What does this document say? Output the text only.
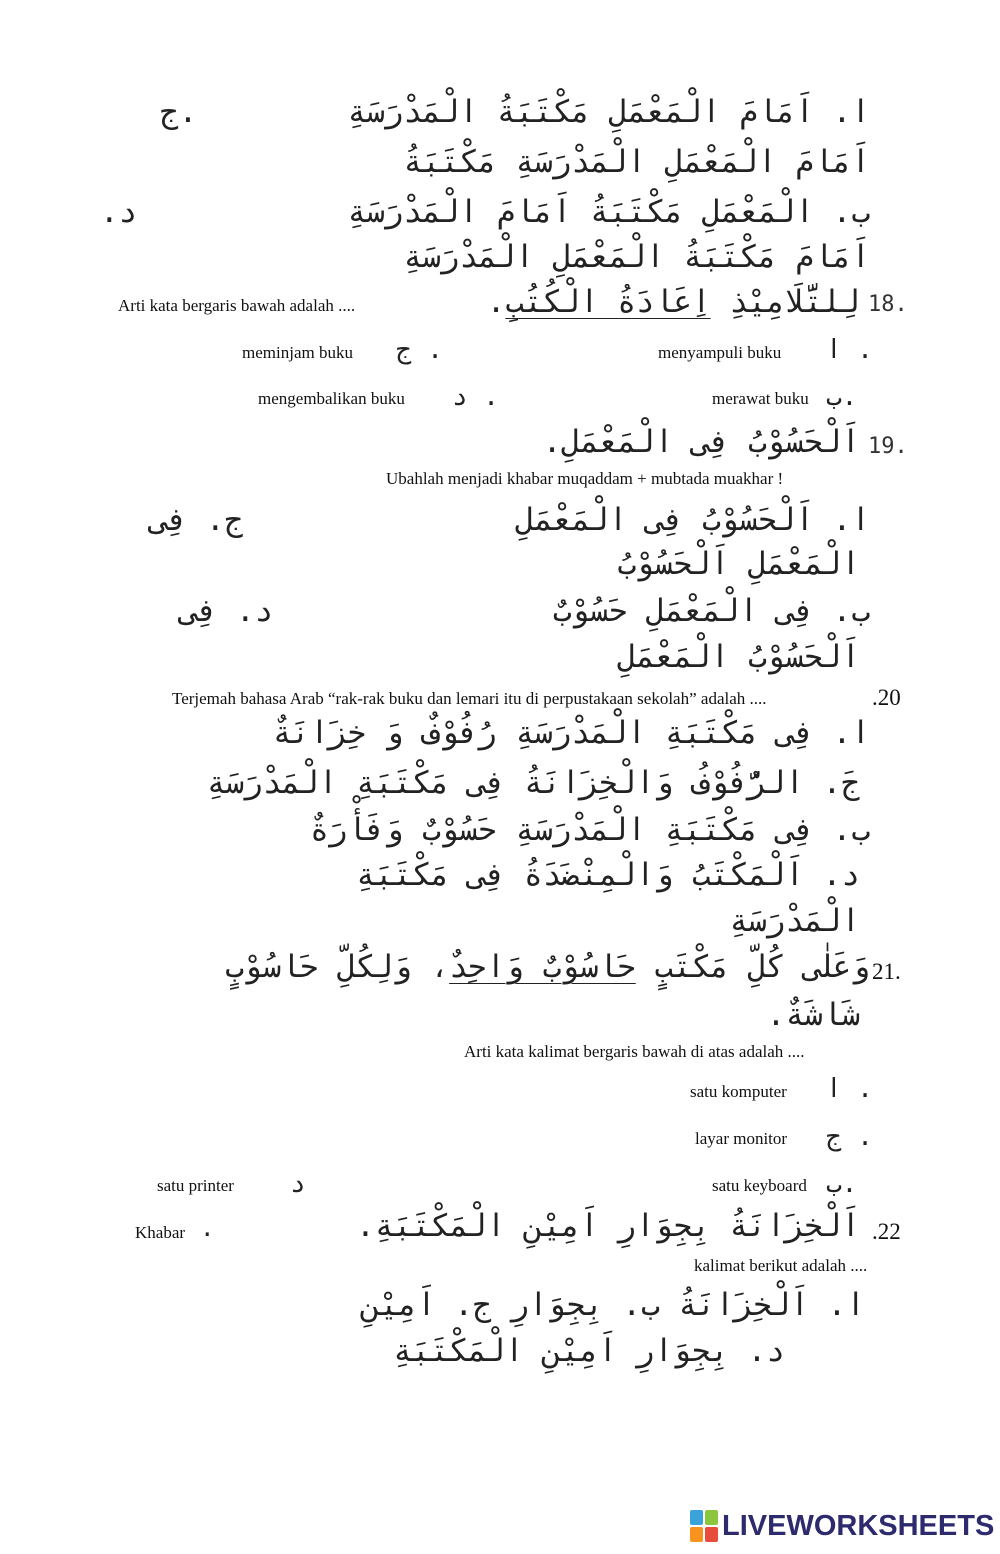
ا. اَمَامَ الْمَعْمَلِ مَكْتَبَةُ الْمَدْرَسَةِ
ج.
اَمَامَ الْمَعْمَلِ الْمَدْرَسَةِ مَكْتَبَةُ
ب. الْمَعْمَلِ مَكْتَبَةُ اَمَامَ الْمَدْرَسَةِ
د.
اَمَامَ مَكْتَبَةُ الْمَعْمَلِ الْمَدْرَسَةِ
18.
لِلتَّلَامِيْذِ اِعَادَةُ الْكُتُبِ.
Arti kata bergaris bawah adalah ....
menyampuli buku ا .
meminjam buku ج .
merawat buku ب.
mengembalikan buku د .
19.
اَلْحَسُوْبُ فِى الْمَعْمَلِ.
Ubahlah menjadi khabar muqaddam + mubtada muakhar !
ا. اَلْحَسُوْبُ فِى الْمَعْمَلِ
ج. فِى
الْمَعْمَلِ اَلْحَسُوْبُ
ب. فِى الْمَعْمَلِ حَسُوْبٌ
د. فِى
اَلْحَسُوْبُ الْمَعْمَلِ
Terjemah bahasa Arab “rak-rak buku dan lemari itu di perpustakaan sekolah” adalah ....	.20
ا. فِى مَكْتَبَةِ الْمَدْرَسَةِ رُفُوْفٌ وَ خِزَانَةٌ
جَ. الرُّفُوْفُ وَالْخِزَانَةُ فِى مَكْتَبَةِ الْمَدْرَسَةِ
ب. فِى مَكْتَبَةِ الْمَدْرَسَةِ حَسُوْبٌ وَفَأْرَةٌ
د. اَلْمَكْتَبُ وَالْمِنْضَدَةُ فِى مَكْتَبَةِ
الْمَدْرَسَةِ
21.
وَعَلٰى كُلِّ مَكْتَبٍ حَاسُوْبٌ وَاحِدٌ، وَلِكُلِّ حَاسُوْبٍ
شَاشَةٌ.
Arti kata kalimat bergaris bawah di atas adalah ....
satu komputer ا .
layar monitor ج .
satu keyboard ب.
satu printer د
.22
اَلْخِزَانَةُ بِجِوَارِ اَمِيْنِ الْمَكْتَبَةِ.
Khabar .
kalimat berikut adalah ....
ا. اَلْخِزَانَةُ ب. بِجِوَارِ ج. اَمِيْنِ
د. بِجِوَارِ اَمِيْنِ الْمَكْتَبَةِ
LIVEWORKSHEETS
